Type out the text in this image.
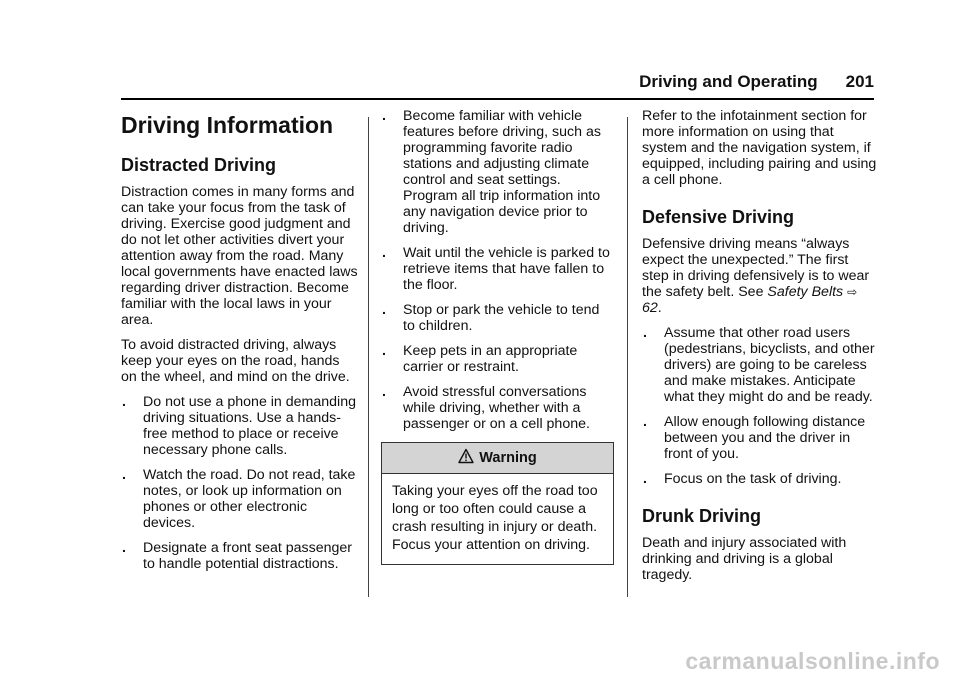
Driving and Operating 201
Driving Information
Distracted Driving

Distraction comes in many forms and can take your focus from the task of driving. Exercise good judgment and do not let other activities divert your attention away from the road. Many local governments have enacted laws regarding driver distraction. Become familiar with the local laws in your area.

To avoid distracted driving, always keep your eyes on the road, hands on the wheel, and mind on the drive.

. Do not use a phone in demanding driving situations. Use a hands-free method to place or receive necessary phone calls.
. Watch the road. Do not read, take notes, or look up information on phones or other electronic devices.
. Designate a front seat passenger to handle potential distractions.
. Become familiar with vehicle features before driving, such as programming favorite radio stations and adjusting climate control and seat settings. Program all trip information into any navigation device prior to driving.
. Wait until the vehicle is parked to retrieve items that have fallen to the floor.
. Stop or park the vehicle to tend to children.
. Keep pets in an appropriate carrier or restraint.
. Avoid stressful conversations while driving, whether with a passenger or on a cell phone.
Warning
Taking your eyes off the road too long or too often could cause a crash resulting in injury or death. Focus your attention on driving.

Refer to the infotainment section for more information on using that system and the navigation system, if equipped, including pairing and using a cell phone.

Defensive Driving

Defensive driving means “always expect the unexpected.” The first step in driving defensively is to wear the safety belt. See Safety Belts ⇨ 62.

. Assume that other road users (pedestrians, bicyclists, and other drivers) are going to be careless and make mistakes. Anticipate what they might do and be ready.
. Allow enough following distance between you and the driver in front of you.
. Focus on the task of driving.
Drunk Driving

Death and injury associated with drinking and driving is a global tragedy.

carmanualsonline.info
